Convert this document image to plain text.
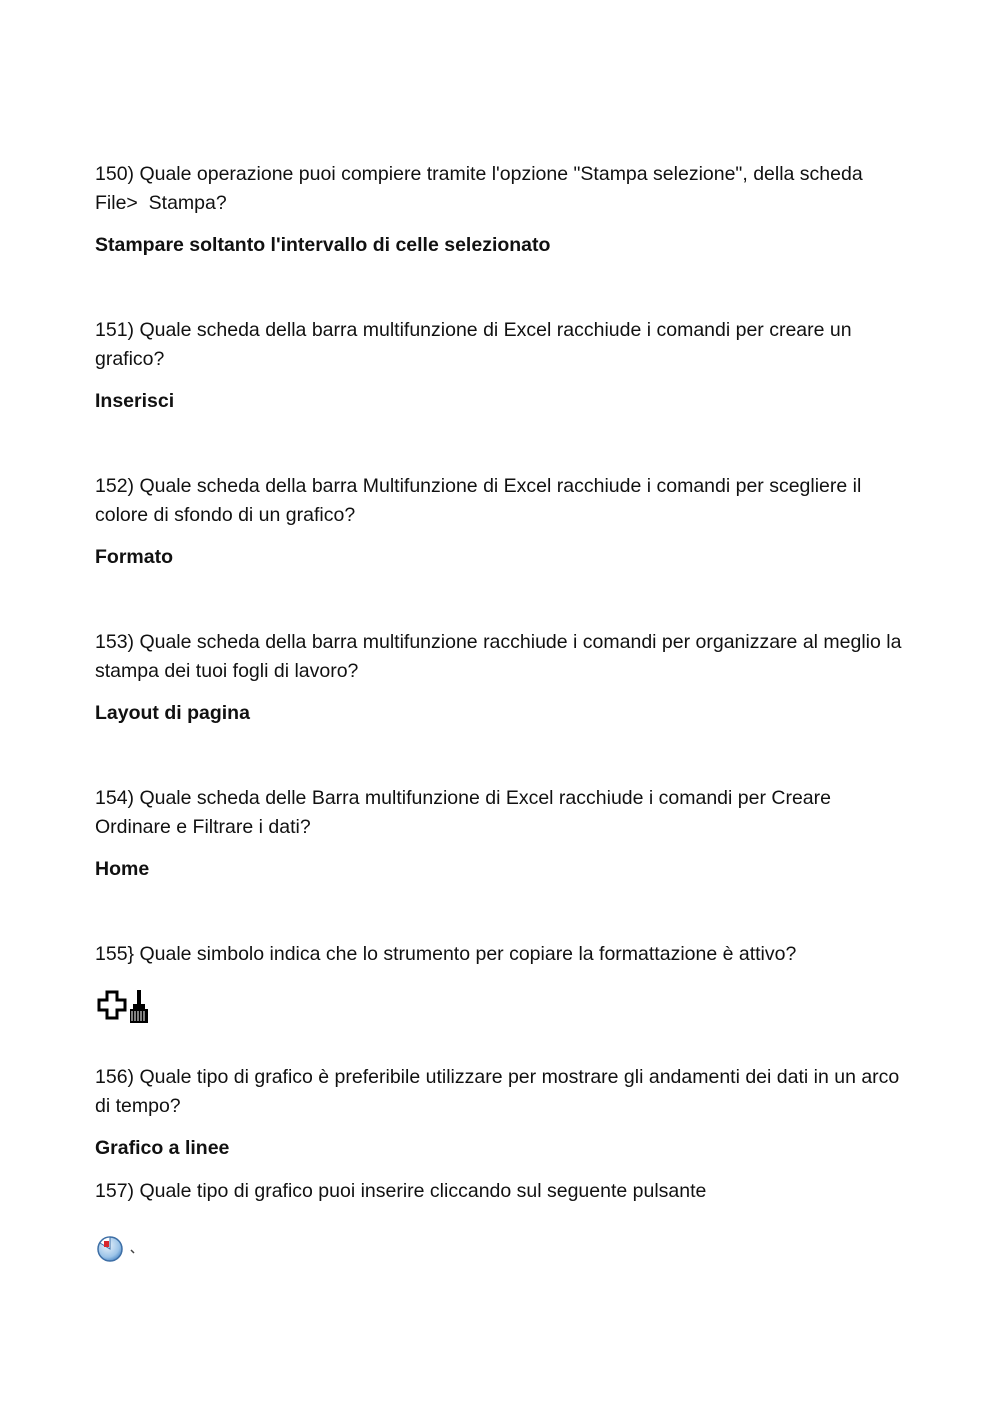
150) Quale operazione puoi compiere tramite l'opzione "Stampa selezione", della scheda File>  Stampa?

Stampare soltanto l'intervallo di celle selezionato

151) Quale scheda della barra multifunzione di Excel racchiude i comandi per creare un grafico?

Inserisci

152) Quale scheda della barra Multifunzione di Excel racchiude i comandi per scegliere il colore di sfondo di un grafico?

Formato

153) Quale scheda della barra multifunzione racchiude i comandi per organizzare al meglio la  stampa dei tuoi fogli di lavoro?

Layout di pagina

154) Quale scheda delle Barra multifunzione di Excel racchiude i comandi per Creare Ordinare e Filtrare i dati?

Home

155} Quale simbolo indica che lo strumento per copiare la formattazione è attivo?

156) Quale tipo di grafico è preferibile utilizzare per mostrare gli andamenti dei dati in un arco di tempo?

Grafico a linee

157) Quale tipo di grafico puoi inserire cliccando sul seguente pulsante
